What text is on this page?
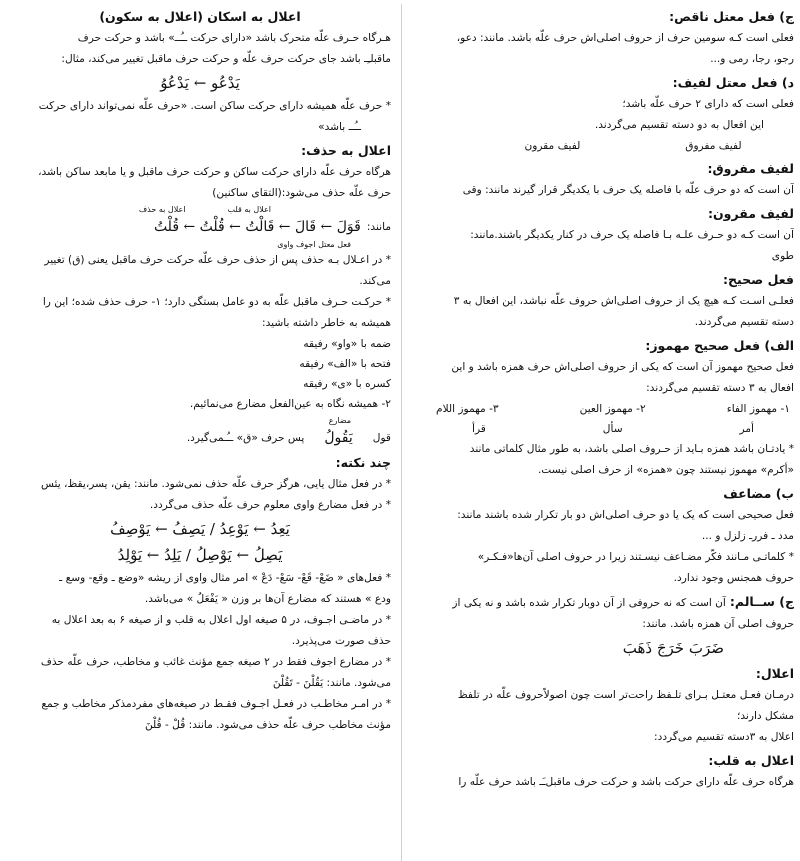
ج) فعل معتل ناقص:

فعلی است کـه سومین حرف از حروف اصلی‌اش حرف علّه باشد. مانند: دعو،

رجو، رجا، رمی و...

د) فعل معتل لفیف:

فعلی است که دارای ۲ حرف علّه باشد؛

این افعال به دو دسته تقسیم می‌گردند.

لفیف مفروق
لفیف مقرون
لفیف مفروق:

آن است که دو حرف علّه با فاصله یک حرف با یکدیگر قرار گیرند مانند: وقی

لفیف مقرون:

آن است کـه دو حـرف علـه بـا فاصله یک حرف در کنار یکدیگر باشند.مانند:

طوی

فعل صحیح:

فعلـی اسـت کـه هیچ یک از حروف اصلی‌اش حروف علّه نباشد، این افعال به ۳

دسته تقسیم می‌گردند.

الف) فعل صحیح مهموز:

فعل صحیح مهموز آن است که یکی از حروف اصلی‌اش حرف همزه باشد و این

افعال به ۳ دسته تقسیم می‌گردند:

۱- مهموز الفاء
۲- مهموز العین
۳- مهموز اللام
أمر
سأل
قرأ

* یادتـان باشد همزه بـاید از حـروف اصلی باشد، به طور مثال کلماتی مانند

«أکرم» مهموز نیستند چون «همزه» از حرف اصلی نیست.

ب) مضاعف

فعل صحیحی است که یک یا دو حرف اصلی‌اش دو بار تکرار شده باشند مانند:

مدد ـ فررـ زلزل و ...

* کلماتـی مـانند فکّر مضـاعف نیسـتند زیرا در حروف اصلی آن‌ها«فـکـر»

حروف همجنس وجود ندارد.

ج) ســالم:

آن است که نه حروفی از آن دوبار تکرار شده باشد و نه یکی از

حروف اصلی آن همزه باشد. مانند:

ضَرَبَ خَرَجَ ذَهَبَ
اعلال:

درمـان فعـل معتـل بـرای تلـفظ راحت‌تر است چون اصولاًحروف علّه در تلفظ

مشکل دارند؛

اعلال به ۳دسته تقسیم می‌گردد:

اعلال به قلب:

هرگاه حرف علّه دارای حرکت باشد و حرکت حرف ماقبل‌ـَـ باشد حرف علّه را

اعلال به اسکان (اعلال به سکون)

هـرگاه حـرف علّه متحرک باشد «دارای حرکت ــُــ» باشد و حرکت حرف

ماقبلـِـ باشد جای حرکت حرف علّه و حرکت حرف ماقبل تغییر می‌کند، مثال:

يَدْعُو ← يَدْعُوُ

* حرف علّه همیشه دارای حرکت ساکن است. «حرف علّه نمی‌تواند دارای حرکت

ــُــ باشد»

اعلال به حذف:

هرگاه حرف علّه دارای حرکت ساکن و حرکت حرف ماقبل و یا مابعد ساکن باشد،

حرف علّه حذف می‌شود:(التقای ساکنین)

اعلال به قلب
اعلال به حذف
مانند:
قَوَلَ ← قَالَ ← قَالْتُ ← قُلْتُ ← قُلْتُ
فعل معتل اجوف واوی

* در اعـلال بـه حذف پس از حذف حرف علّه حرکت حرف ماقبل یعنی (ق) تغییر

می‌کند.

* حرکـت حـرف ماقبل علّه به دو عامل بستگی دارد؛ ۱- حرف حذف شده؛ این را

همیشه به خاطر داشته باشید:

ضمه با «واو» رفیقه

فتحه با «الف» رفیقه

کسره با «ی» رفیقه

۲- همیشه نگاه به عین‌الفعل مضارع می‌نمائیم.

مضارع
قول
يَقُولُ
پس حرف «ق» ــُـمی‌گیرد.
چند نکته:

* در فعل مثال یایی، هرگز حرف علّه حذف نمی‌شود. مانند: یقن، یسر،یقظ، یئس

* در فعل مضارع واوی معلوم حرف علّه حذف می‌گردد.

يَعِدُ ← يَوْعِدُ / يَصِفُ ← يَوْصِفُ
يَصِلُ ← يَوْصِلُ / يَلِدُ ← يَوْلِدُ

* فعل‌های « ضَعْ- قَعْ- سَعْ- دَعْ » امر مثال واوی از ریشه «وضع ـ وقع- وسع ـ

ودع » هستند که مضارع آن‌ها بر وزن « يَفْعَلُ » می‌باشد.

* در ماضـی اجـوف، در ۵ صیغه اول اعلال به قلب و از صیغه ۶ به بعد اعلال به

حذف صورت می‌پذیرد.

* در مضارع اجوف فقط در ۲ صیغه جمع مؤنث غائب و مخاطب، حرف علّه حذف

می‌شود. مانند: يَقُلْنَ - تَقُلْنَ

* در امـر مخاطـب در فعـل اجـوف فقـط در صیغه‌های مفردمذکر مخاطب و جمع

مؤنث مخاطب حرف علّه حذف می‌شود. مانند: قُلْ - قُلْنَ
